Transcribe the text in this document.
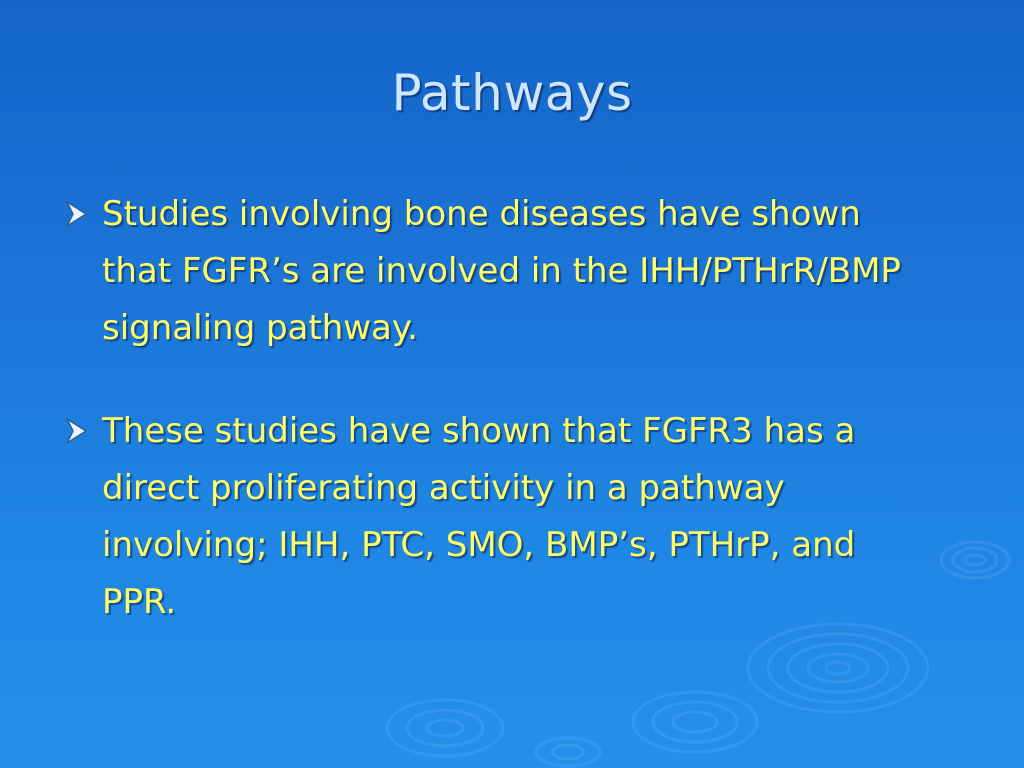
Pathways
Studies involving bone diseases have shown that FGFR’s are involved in the IHH/PTHrR/BMP signaling pathway.
These studies have shown that FGFR3 has a direct proliferating activity in a pathway involving; IHH, PTC, SMO, BMP’s, PTHrP, and PPR.
